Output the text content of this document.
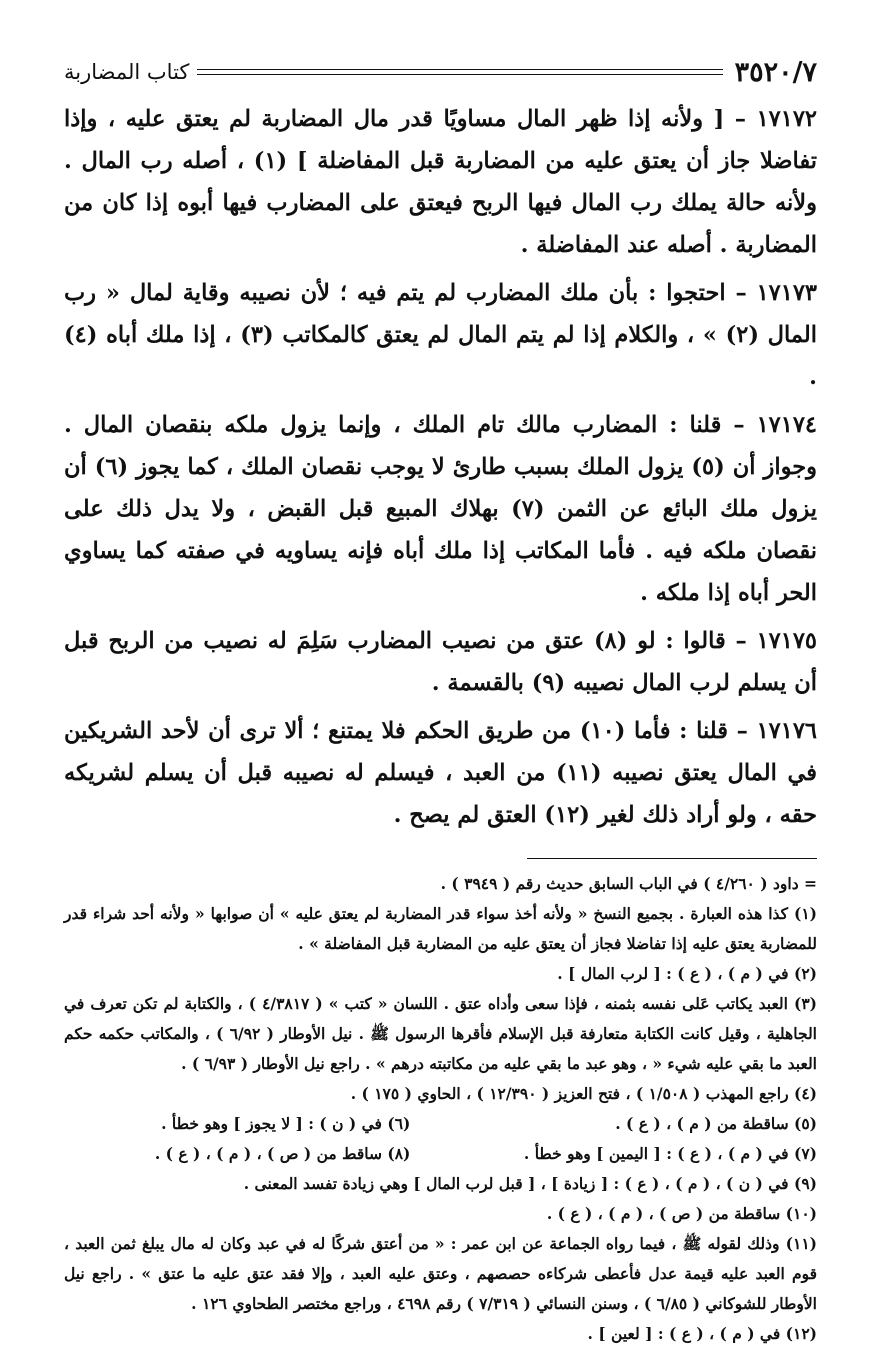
٣٥٢٠/٧
كتاب المضاربة

١٧١٧٢ – [ ولأنه إذا ظهر المال مساويًا قدر مال المضاربة لم يعتق عليه ، وإذا تفاضلا جاز أن يعتق عليه من المضاربة قبل المفاضلة ] (١) ، أصله رب المال . ولأنه حالة يملك رب المال فيها الربح فيعتق على المضارب فيها أبوه إذا كان من المضاربة . أصله عند المفاضلة .

١٧١٧٣ – احتجوا : بأن ملك المضارب لم يتم فيه ؛ لأن نصيبه وقاية لمال « رب المال (٢) » ، والكلام إذا لم يتم المال لم يعتق كالمكاتب (٣) ، إذا ملك أباه (٤) .

١٧١٧٤ – قلنا : المضارب مالك تام الملك ، وإنما يزول ملكه بنقصان المال . وجواز أن (٥) يزول الملك بسبب طارئ لا يوجب نقصان الملك ، كما يجوز (٦) أن يزول ملك البائع عن الثمن (٧) بهلاك المبيع قبل القبض ، ولا يدل ذلك على نقصان ملكه فيه . فأما المكاتب إذا ملك أباه فإنه يساويه في صفته كما يساوي الحر أباه إذا ملكه .

١٧١٧٥ – قالوا : لو (٨) عتق من نصيب المضارب سَلِمَ له نصيب من الربح قبل أن يسلم لرب المال نصيبه (٩) بالقسمة .

١٧١٧٦ – قلنا : فأما (١٠) من طريق الحكم فلا يمتنع ؛ ألا ترى أن لأحد الشريكين في المال يعتق نصيبه (١١) من العبد ، فيسلم له نصيبه قبل أن يسلم لشريكه حقه ، ولو أراد ذلك لغير (١٢) العتق لم يصح .

= داود ( ٤/٢٦٠ ) في الباب السابق حديث رقم ( ٣٩٤٩ ) .

(١) كذا هذه العبارة . بجميع النسخ « ولأنه أخذ سواء قدر المضاربة لم يعتق عليه » أن صوابها « ولأنه أحد شراء قدر للمضاربة يعتق عليه إذا تفاضلا فجاز أن يعتق عليه من المضاربة قبل المفاضلة » .

(٢) في ( م ) ، ( ع ) : [ لرب المال ] .

(٣) العبد يكاتب عَلى نفسه بثمنه ، فإذا سعى وأداه عتق . اللسان « كتب » ( ٤/٣٨١٧ ) ، والكتابة لم تكن تعرف في الجاهلية ، وقيل كانت الكتابة متعارفة قبل الإسلام فأقرها الرسول ﷺ . نيل الأوطار ( ٦/٩٢ ) ، والمكاتب حكمه حكم العبد ما بقي عليه شيء « ، وهو عبد ما بقي عليه من مكاتبته درهم » . راجع نيل الأوطار ( ٦/٩٣ ) .

(٤) راجع المهذب ( ١/٥٠٨ ) ، فتح العزيز ( ١٢/٣٩٠ ) ، الحاوي ( ١٧٥ ) .

(٥) ساقطة من ( م ) ، ( ع ) .
(٦) في ( ن ) : [ لا يجوز ] وهو خطأ .
(٧) في ( م ) ، ( ع ) : [ اليمين ] وهو خطأ .
(٨) ساقط من ( ص ) ، ( م ) ، ( ع ) .

(٩) في ( ن ) ، ( م ) ، ( ع ) : [ زيادة ] ، [ قبل لرب المال ] وهي زيادة تفسد المعنى .

(١٠) ساقطة من ( ص ) ، ( م ) ، ( ع ) .

(١١) وذلك لقوله ﷺ ، فيما رواه الجماعة عن ابن عمر : « من أعتق شركًا له في عبد وكان له مال يبلغ ثمن العبد ، قوم العبد عليه قيمة عدل فأعطى شركاءه حصصهم ، وعتق عليه العبد ، وإلا فقد عتق عليه ما عتق » . راجع نيل الأوطار للشوكاني ( ٦/٨٥ ) ، وسنن النسائي ( ٧/٣١٩ ) رقم ٤٦٩٨ ، وراجع مختصر الطحاوي ١٢٦ .

(١٢) في ( م ) ، ( ع ) : [ لعين ] .
